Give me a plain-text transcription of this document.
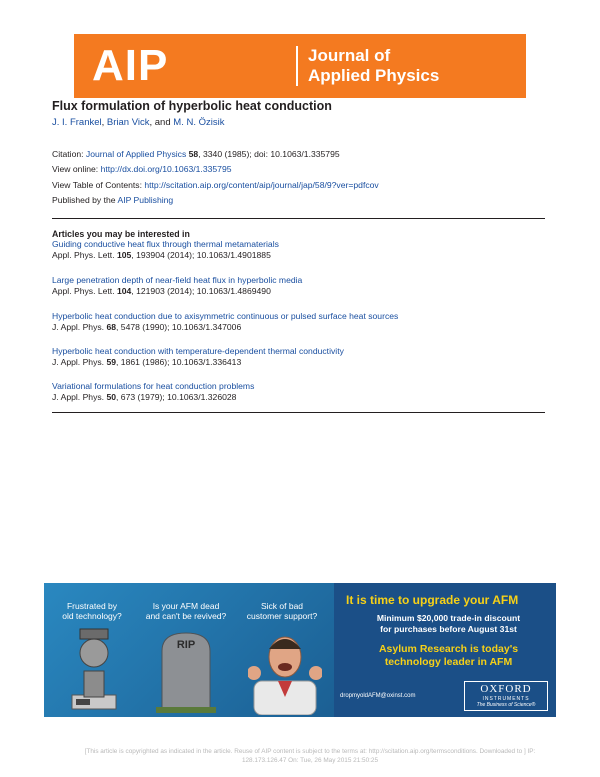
AIP	Journal of
Applied Physics
Flux formulation of hyperbolic heat conduction
J. I. Frankel, Brian Vick, and M. N. Özisik
Citation: Journal of Applied Physics 58, 3340 (1985); doi: 10.1063/1.335795
View online: http://dx.doi.org/10.1063/1.335795
View Table of Contents: http://scitation.aip.org/content/aip/journal/jap/58/9?ver=pdfcov
Published by the AIP Publishing
Articles you may be interested in
Guiding conductive heat flux through thermal metamaterials
Appl. Phys. Lett. 105, 193904 (2014); 10.1063/1.4901885
Large penetration depth of near-field heat flux in hyperbolic media
Appl. Phys. Lett. 104, 121903 (2014); 10.1063/1.4869490
Hyperbolic heat conduction due to axisymmetric continuous or pulsed surface heat sources
J. Appl. Phys. 68, 5478 (1990); 10.1063/1.347006
Hyperbolic heat conduction with temperature-dependent thermal conductivity
J. Appl. Phys. 59, 1861 (1986); 10.1063/1.336413
Variational formulations for heat conduction problems
J. Appl. Phys. 50, 673 (1979); 10.1063/1.326028
Frustrated by
old technology?
Is your AFM dead
and can't be revived?
Sick of bad
customer support?
RIP
It is time to upgrade your AFM
Minimum $20,000 trade-in discount
for purchases before August 31st
Asylum Research is today's
technology leader in AFM
dropmyoldAFM@oxinst.com
OXFORD
INSTRUMENTS
The Business of Science®
[This article is copyrighted as indicated in the article. Reuse of AIP content is subject to the terms at: http://scitation.aip.org/termsconditions. Downloaded to ] IP:
128.173.126.47 On: Tue, 26 May 2015 21:50:25
